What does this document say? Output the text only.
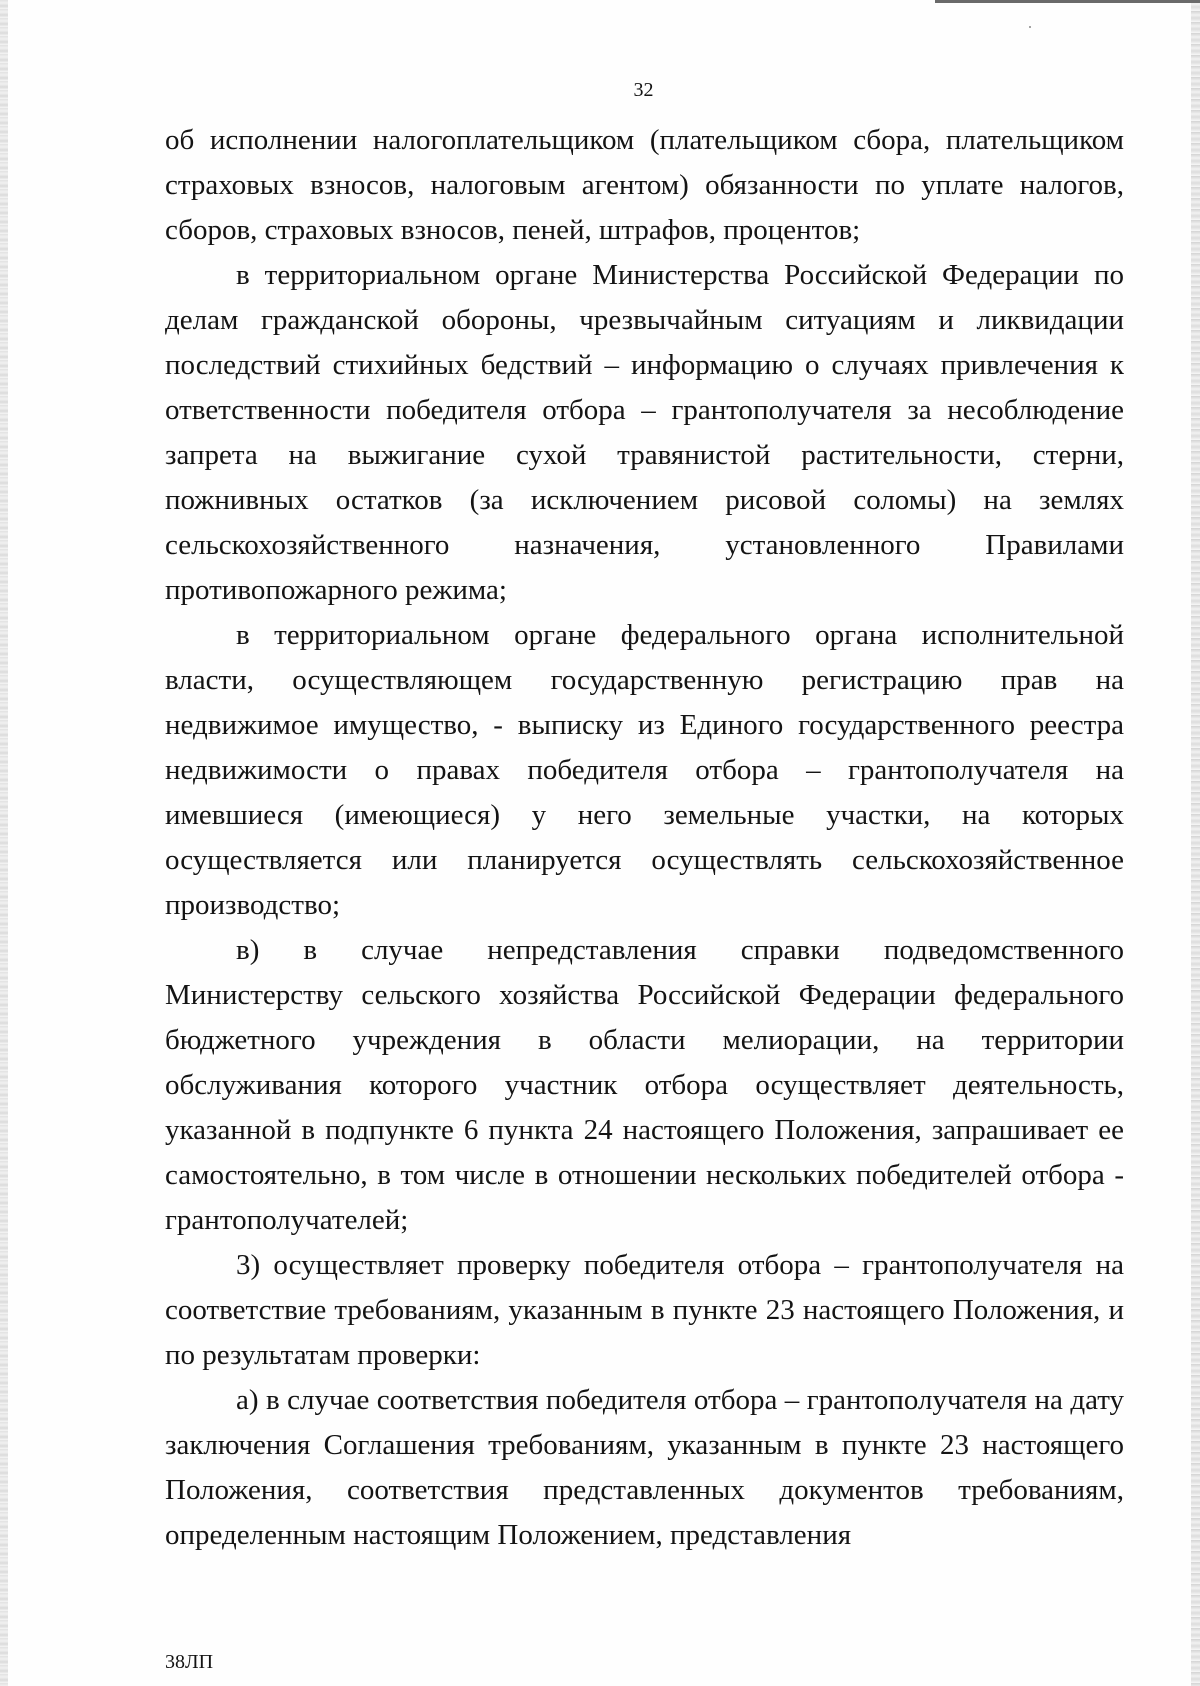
32

об исполнении налогоплательщиком (плательщиком сбора, плательщиком страховых взносов, налоговым агентом) обязанности по уплате налогов, сборов, страховых взносов, пеней, штрафов, процентов;

в территориальном органе Министерства Российской Федерации по делам гражданской обороны, чрезвычайным ситуациям и ликвидации последствий стихийных бедствий – информацию о случаях привлечения к ответственности победителя отбора – грантополучателя за несоблюдение запрета на выжигание сухой травянистой растительности, стерни, пожнивных остатков (за исключением рисовой соломы) на землях сельскохозяйственного назначения, установленного Правилами противопожарного режима;

в территориальном органе федерального органа исполнительной власти, осуществляющем государственную регистрацию прав на недвижимое имущество, - выписку из Единого государственного реестра недвижимости о правах победителя отбора – грантополучателя на имевшиеся (имеющиеся) у него земельные участки, на которых осуществляется или планируется осуществлять сельскохозяйственное производство;

в) в случае непредставления справки подведомственного Министерству сельского хозяйства Российской Федерации федерального бюджетного учреждения в области мелиорации, на территории обслуживания которого участник отбора осуществляет деятельность, указанной в подпункте 6 пункта 24 настоящего Положения, запрашивает ее самостоятельно, в том числе в отношении нескольких победителей отбора - грантополучателей;

3) осуществляет проверку победителя отбора – грантополучателя на соответствие требованиям, указанным в пункте 23 настоящего Положения, и по результатам проверки:

а) в случае соответствия победителя отбора – грантополучателя на дату заключения Соглашения требованиям, указанным в пункте 23 настоящего Положения, соответствия представленных документов требованиям, определенным настоящим Положением, представления

38ЛП
